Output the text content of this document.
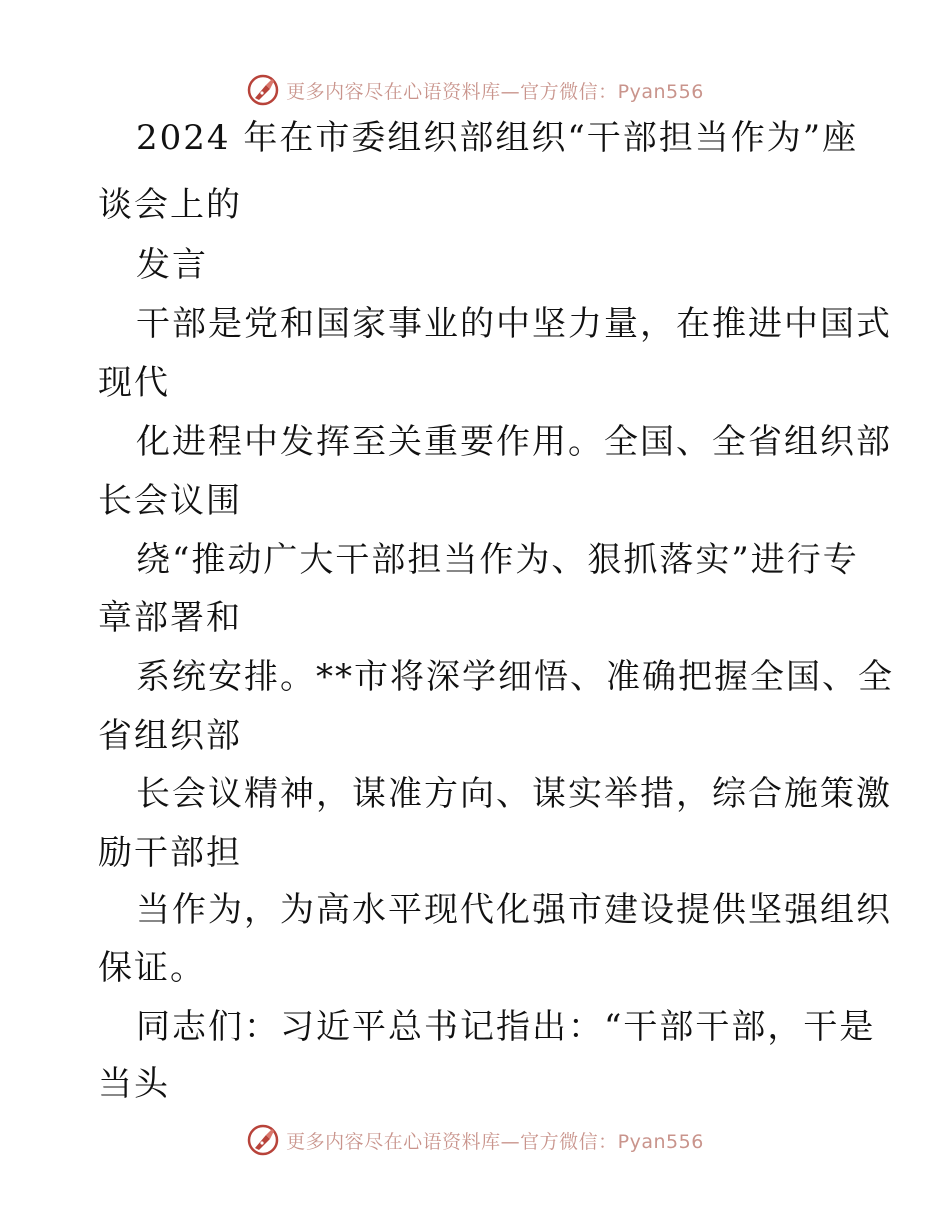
更多内容尽在心语资料库—官方微信：Pyan556
2024 年在市委组织部组织“干部担当作为”座
谈会上的
发言
干部是党和国家事业的中坚力量，在推进中国式
现代
化进程中发挥至关重要作用。全国、全省组织部
长会议围
绕“推动广大干部担当作为、狠抓落实”进行专
章部署和
系统安排。**市将深学细悟、准确把握全国、全
省组织部
长会议精神，谋准方向、谋实举措，综合施策激
励干部担
当作为，为高水平现代化强市建设提供坚强组织
保证。
同志们：习近平总书记指出：“干部干部，干是
当头
更多内容尽在心语资料库—官方微信：Pyan556
